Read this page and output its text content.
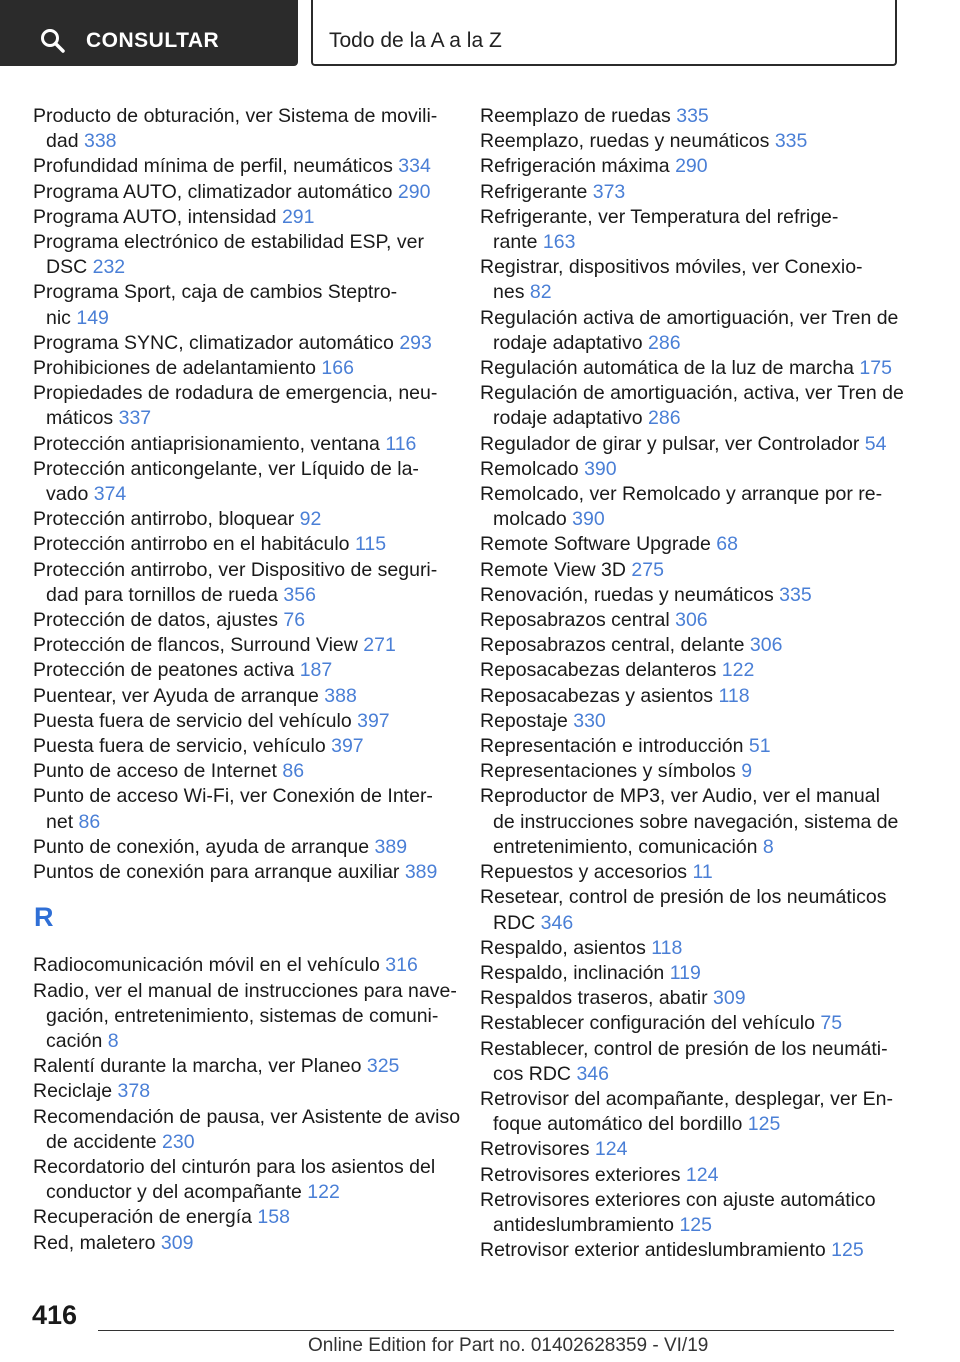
CONSULTAR	Todo de la A a la Z
Producto de obturación, ver Sistema de movili-
dad 338
Profundidad mínima de perfil, neumáticos 334
Programa AUTO, climatizador automático 290
Programa AUTO, intensidad 291
Programa electrónico de estabilidad ESP, ver
DSC 232
Programa Sport, caja de cambios Steptro-
nic 149
Programa SYNC, climatizador automático 293
Prohibiciones de adelantamiento 166
Propiedades de rodadura de emergencia, neu-
máticos 337
Protección antiaprisionamiento, ventana 116
Protección anticongelante, ver Líquido de la-
vado 374
Protección antirrobo, bloquear 92
Protección antirrobo en el habitáculo 115
Protección antirrobo, ver Dispositivo de seguri-
dad para tornillos de rueda 356
Protección de datos, ajustes 76
Protección de flancos, Surround View 271
Protección de peatones activa 187
Puentear, ver Ayuda de arranque 388
Puesta fuera de servicio del vehículo 397
Puesta fuera de servicio, vehículo 397
Punto de acceso de Internet 86
Punto de acceso Wi-Fi, ver Conexión de Inter-
net 86
Punto de conexión, ayuda de arranque 389
Puntos de conexión para arranque auxiliar 389
R
Radiocomunicación móvil en el vehículo 316
Radio, ver el manual de instrucciones para nave-
gación, entretenimiento, sistemas de comuni-
cación 8
Ralentí durante la marcha, ver Planeo 325
Reciclaje 378
Recomendación de pausa, ver Asistente de aviso
de accidente 230
Recordatorio del cinturón para los asientos del
conductor y del acompañante 122
Recuperación de energía 158
Red, maletero 309
Reemplazo de ruedas 335
Reemplazo, ruedas y neumáticos 335
Refrigeración máxima 290
Refrigerante 373
Refrigerante, ver Temperatura del refrige-
rante 163
Registrar, dispositivos móviles, ver Conexio-
nes 82
Regulación activa de amortiguación, ver Tren de
rodaje adaptativo 286
Regulación automática de la luz de marcha 175
Regulación de amortiguación, activa, ver Tren de
rodaje adaptativo 286
Regulador de girar y pulsar, ver Controlador 54
Remolcado 390
Remolcado, ver Remolcado y arranque por re-
molcado 390
Remote Software Upgrade 68
Remote View 3D 275
Renovación, ruedas y neumáticos 335
Reposabrazos central 306
Reposabrazos central, delante 306
Reposacabezas delanteros 122
Reposacabezas y asientos 118
Repostaje 330
Representación e introducción 51
Representaciones y símbolos 9
Reproductor de MP3, ver Audio, ver el manual
de instrucciones sobre navegación, sistema de
entretenimiento, comunicación 8
Repuestos y accesorios 11
Resetear, control de presión de los neumáticos
RDC 346
Respaldo, asientos 118
Respaldo, inclinación 119
Respaldos traseros, abatir 309
Restablecer configuración del vehículo 75
Restablecer, control de presión de los neumáti-
cos RDC 346
Retrovisor del acompañante, desplegar, ver En-
foque automático del bordillo 125
Retrovisores 124
Retrovisores exteriores 124
Retrovisores exteriores con ajuste automático
antideslumbramiento 125
Retrovisor exterior antideslumbramiento 125
416
Online Edition for Part no. 01402628359 - VI/19
